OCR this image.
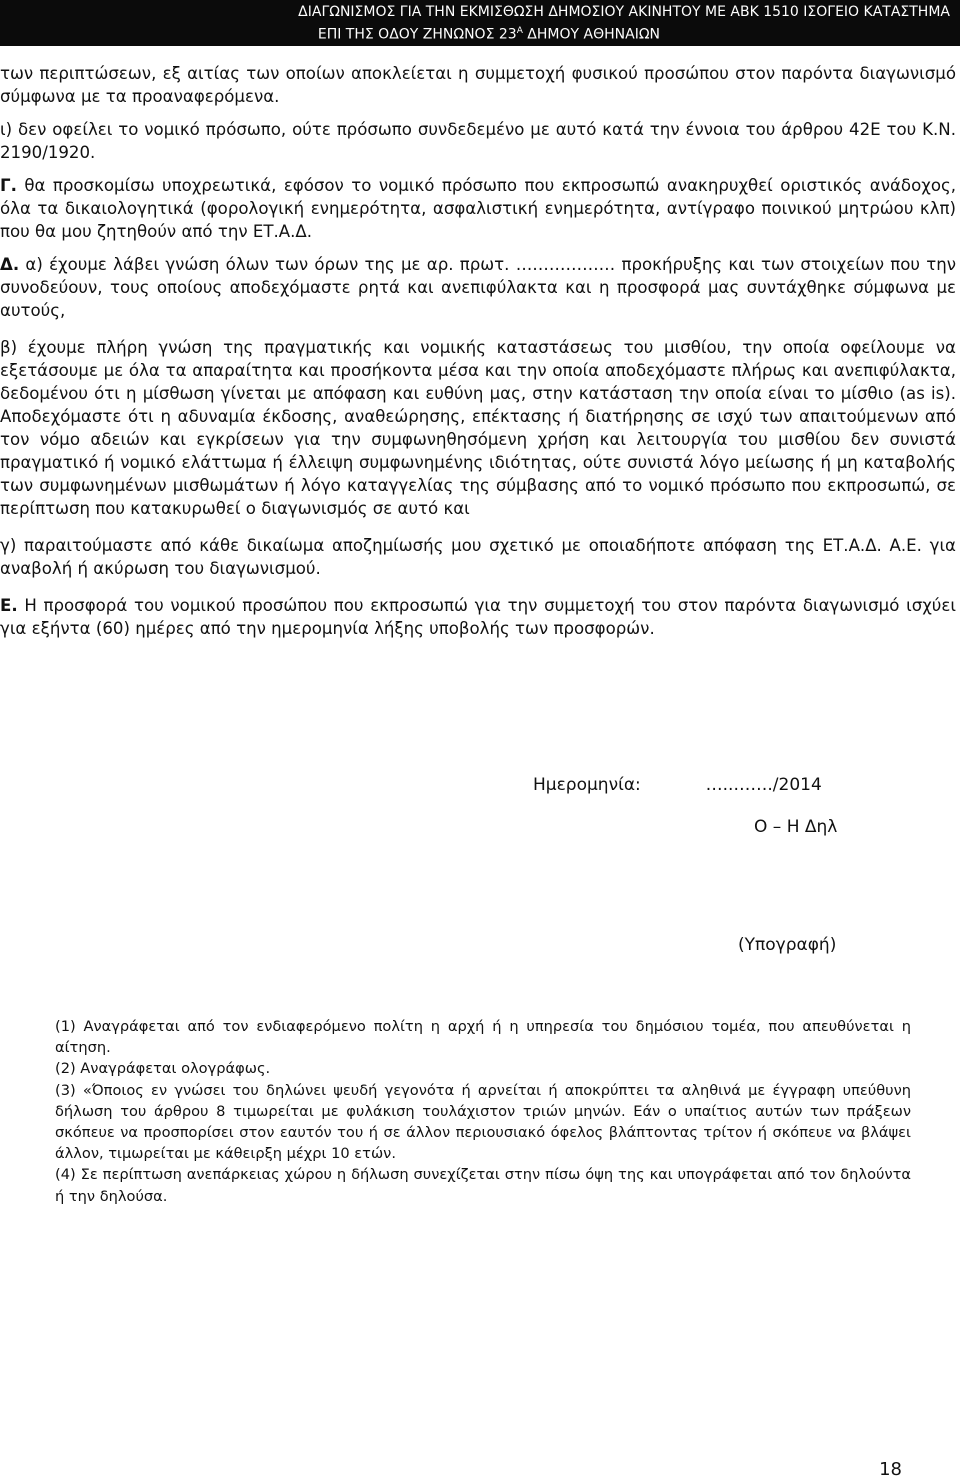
ΔΙΑΓΩΝΙΣΜΟΣ ΓΙΑ ΤΗΝ ΕΚΜΙΣΘΩΣΗ ΔΗΜΟΣΙΟΥ ΑΚΙΝΗΤΟΥ ΜΕ ΑΒΚ 1510 ΙΣΟΓΕΙΟ ΚΑΤΑΣΤΗΜΑ
ΕΠΙ ΤΗΣ ΟΔΟΥ ΖΗΝΩΝΟΣ $23^A$ ΔΗΜΟΥ ΑΘΗΝΑΙΩΝ

των περιπτώσεων, εξ αιτίας των οποίων αποκλείεται η συμμετοχή φυσικού προσώπου στον παρόντα διαγωνισμό σύμφωνα με τα προαναφερόμενα.

ι) δεν οφείλει το νομικό πρόσωπο, ούτε πρόσωπο συνδεδεμένο με αυτό κατά την έννοια του άρθρου 42Ε του Κ.Ν. 2190/1920.

Γ. θα προσκομίσω υποχρεωτικά, εφόσον το νομικό πρόσωπο που εκπροσωπώ ανακηρυχθεί οριστικός ανάδοχος, όλα τα δικαιολογητικά (φορολογική ενημερότητα, ασφαλιστική ενημερότητα, αντίγραφο ποινικού μητρώου κλπ) που θα μου ζητηθούν από την ΕΤ.Α.Δ.

Δ. α) έχουμε λάβει γνώση όλων των όρων της με αρ. πρωτ. ……………… προκήρυξης και των στοιχείων που την συνοδεύουν, τους οποίους αποδεχόμαστε ρητά και ανεπιφύλακτα και η προσφορά μας συντάχθηκε σύμφωνα με αυτούς,

β) έχουμε πλήρη γνώση της πραγματικής και νομικής καταστάσεως του μισθίου, την οποία οφείλουμε να εξετάσουμε με όλα τα απαραίτητα και προσήκοντα μέσα και την οποία αποδεχόμαστε πλήρως και ανεπιφύλακτα, δεδομένου ότι η μίσθωση γίνεται με απόφαση και ευθύνη μας, στην κατάσταση την οποία είναι το μίσθιο (as is). Αποδεχόμαστε ότι η αδυναμία έκδοσης, αναθεώρησης, επέκτασης ή διατήρησης σε ισχύ των απαιτούμενων από τον νόμο αδειών και εγκρίσεων για την συμφωνηθησόμενη χρήση και λειτουργία του μισθίου δεν συνιστά πραγματικό ή νομικό ελάττωμα ή έλλειψη συμφωνημένης ιδιότητας, ούτε συνιστά λόγο μείωσης ή μη καταβολής των συμφωνημένων μισθωμάτων ή λόγο καταγγελίας της σύμβασης από το νομικό πρόσωπο που εκπροσωπώ, σε περίπτωση που κατακυρωθεί ο διαγωνισμός σε αυτό και

γ) παραιτούμαστε από κάθε δικαίωμα αποζημίωσής μου σχετικό με οποιαδήποτε απόφαση της ΕΤ.Α.Δ. Α.Ε. για αναβολή ή ακύρωση του διαγωνισμού.

Ε. Η προσφορά του νομικού προσώπου που εκπροσωπώ για την συμμετοχή του στον παρόντα διαγωνισμό ισχύει για εξήντα (60) ημέρες από την ημερομηνία λήξης υποβολής των προσφορών.

Ημερομηνία:	…..……./2014
Ο – Η Δηλ
(Υπογραφή)

(1) Αναγράφεται από τον ενδιαφερόμενο πολίτη η αρχή ή η υπηρεσία του δημόσιου τομέα, που απευθύνεται η αίτηση.

(2) Αναγράφεται ολογράφως.

(3) «Όποιος εν γνώσει του δηλώνει ψευδή γεγονότα ή αρνείται ή αποκρύπτει τα αληθινά με έγγραφη υπεύθυνη δήλωση του άρθρου 8 τιμωρείται με φυλάκιση τουλάχιστον τριών μηνών. Εάν ο υπαίτιος αυτών των πράξεων σκόπευε να προσπορίσει στον εαυτόν του ή σε άλλον περιουσιακό όφελος βλάπτοντας τρίτον ή σκόπευε να βλάψει άλλον, τιμωρείται με κάθειρξη μέχρι 10 ετών.

(4) Σε περίπτωση ανεπάρκειας χώρου η δήλωση συνεχίζεται στην πίσω όψη της και υπογράφεται από τον δηλούντα ή την δηλούσα.

18
